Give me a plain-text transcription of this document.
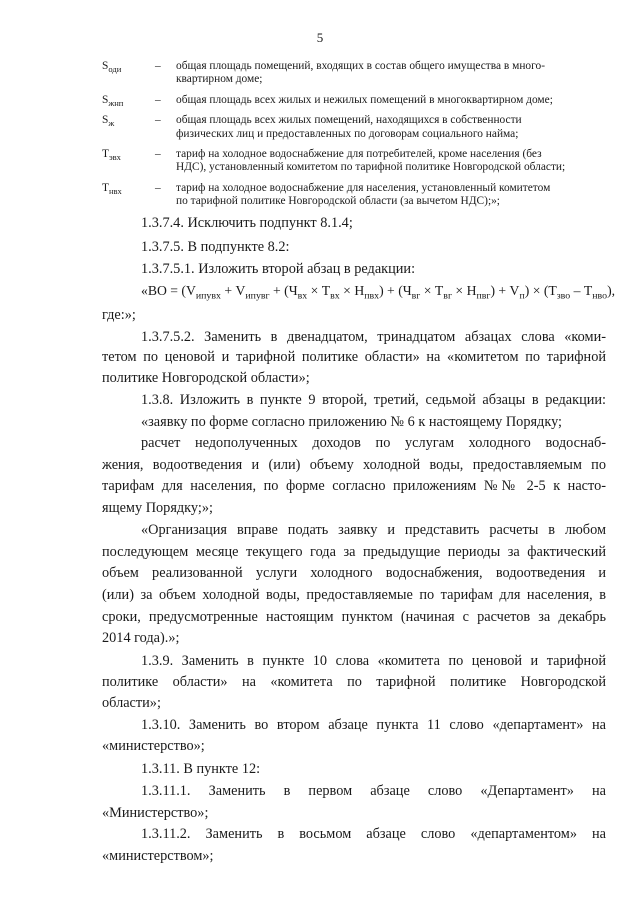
5
$S_{оди}$	– общая площадь помещений, входящих в состав общего имущества в много-
квартирном доме;
$S_{жнп}$	– общая площадь всех жилых и нежилых помещений в многоквартирном доме;
$S_ж$	– общая площадь всех жилых помещений, находящихся в собственности
физических лиц и предоставленных по договорам социального найма;
$T_{эвх}$	– тариф на холодное водоснабжение для потребителей, кроме населения (без
НДС), установленный комитетом по тарифной политике Новгородской области;
$T_{нвх}$	– тариф на холодное водоснабжение для населения, установленный комитетом
по тарифной политике Новгородской области (за вычетом НДС);»;
1.3.7.4. Исключить подпункт 8.1.4;
1.3.7.5. В подпункте 8.2:
1.3.7.5.1. Изложить второй абзац в редакции:
«ВО = $(V_{ипувх} + V_{ипувг} + (Ч_{вх} \times T_{вх} \times Н_{пвх}) + (Ч_{вг} \times T_{вг} \times Н_{пвг}) + V_п) \times (T_{зво} - T_{нво})$,
где:»;
1.3.7.5.2. Заменить в двенадцатом, тринадцатом абзацах слова «коми-
тетом по ценовой и тарифной политике области» на «комитетом по тарифной
политике Новгородской области»;
1.3.8. Изложить в пункте 9 второй, третий, седьмой абзацы в редакции:
«заявку по форме согласно приложению № 6 к настоящему Порядку;
расчет недополученных доходов по услугам холодного водоснаб-
жения, водоотведения и (или) объему холодной воды, предоставляемым по
тарифам для населения, по форме согласно приложениям №№ 2-5 к насто-
ящему Порядку;»;
«Организация вправе подать заявку и представить расчеты в любом
последующем месяце текущего года за предыдущие периоды за фактический
объем реализованной услуги холодного водоснабжения, водоотведения и
(или) за объем холодной воды, предоставляемые по тарифам для населения, в
сроки, предусмотренные настоящим пунктом (начиная с расчетов за декабрь
2014 года).»;
1.3.9. Заменить в пункте 10 слова «комитета по ценовой и тарифной
политике области» на «комитета по тарифной политике Новгородской
области»;
1.3.10. Заменить во втором абзаце пункта 11 слово «департамент» на
«министерство»;
1.3.11. В пункте 12:
1.3.11.1. Заменить в первом абзаце слово «Департамент» на
«Министерство»;
1.3.11.2. Заменить в восьмом абзаце слово «департаментом» на
«министерством»;
